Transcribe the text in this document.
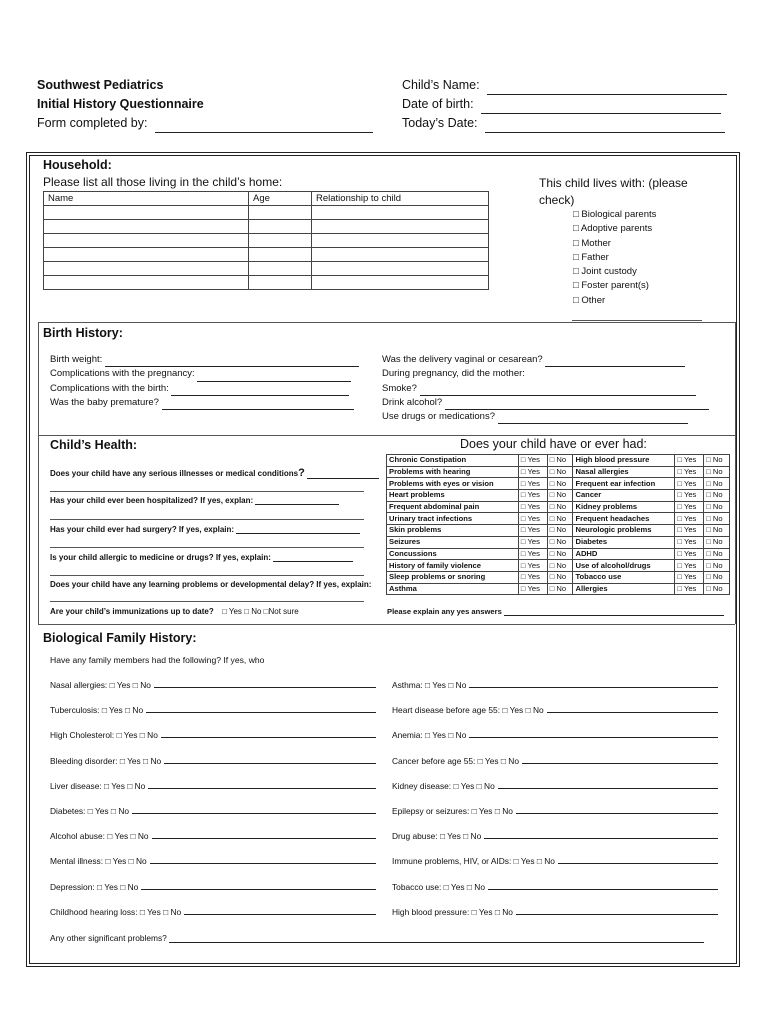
Southwest Pediatrics
Initial History Questionnaire
Form completed by:
Child’s Name:
Date of birth:
Today’s Date:
Household:
Please list all those living in the child’s home:
Name	Age	Relationship to child

This child lives with: (please check)
□ Biological parents
□ Adoptive parents
□ Mother
□ Father
□ Joint custody
□ Foster parent(s)
□ Other
Birth History:
Birth weight:
Complications with the pregnancy:
Complications with the birth:
Was the baby premature?
Was the delivery vaginal or cesarean?
During pregnancy, did the mother:
Smoke?
Drink alcohol?
Use drugs or medications?
Child’s Health:	Does your child have or ever had:
Does your child have any serious illnesses or medical conditions?
Has your child ever been hospitalized? If yes, explan:
Has your child ever had surgery? If yes, explain:
Is your child allergic to medicine or drugs? If yes, explain:
Does your child have any learning problems or developmental delay? If yes, explain:
Are your child’s immunizations up to date? □ Yes □ No □Not sure
Chronic Constipation	□ Yes	□ No	High blood pressure	□ Yes	□ No
Problems with hearing	□ Yes	□ No	Nasal allergies	□ Yes	□ No
Problems with eyes or vision	□ Yes	□ No	Frequent ear infection	□ Yes	□ No
Heart problems	□ Yes	□ No	Cancer	□ Yes	□ No
Frequent abdominal pain	□ Yes	□ No	Kidney problems	□ Yes	□ No
Urinary tract infections	□ Yes	□ No	Frequent headaches	□ Yes	□ No
Skin problems	□ Yes	□ No	Neurologic problems	□ Yes	□ No
Seizures	□ Yes	□ No	Diabetes	□ Yes	□ No
Concussions	□ Yes	□ No	ADHD	□ Yes	□ No
History of family violence	□ Yes	□ No	Use of alcohol/drugs	□ Yes	□ No
Sleep problems or snoring	□ Yes	□ No	Tobacco use	□ Yes	□ No
Asthma	□ Yes	□ No	Allergies	□ Yes	□ No
Please explain any yes answers
Biological Family History:
Have any family members had the following? If yes, who
Nasal allergies: □ Yes □ No	Asthma: □ Yes □ No
Tuberculosis: □ Yes □ No	Heart disease before age 55: □ Yes □ No
High Cholesterol: □ Yes □ No	Anemia: □ Yes □ No
Bleeding disorder: □ Yes □ No	Cancer before age 55: □ Yes □ No
Liver disease: □ Yes □ No	Kidney disease: □ Yes □ No
Diabetes: □ Yes □ No	Epilepsy or seizures: □ Yes □ No
Alcohol abuse: □ Yes □ No	Drug abuse: □ Yes □ No
Mental illness: □ Yes □ No	Immune problems, HIV, or AIDs: □ Yes □ No
Depression: □ Yes □ No	Tobacco use: □ Yes □ No
Childhood hearing loss: □ Yes □ No	High blood pressure: □ Yes □ No
Any other significant problems?
